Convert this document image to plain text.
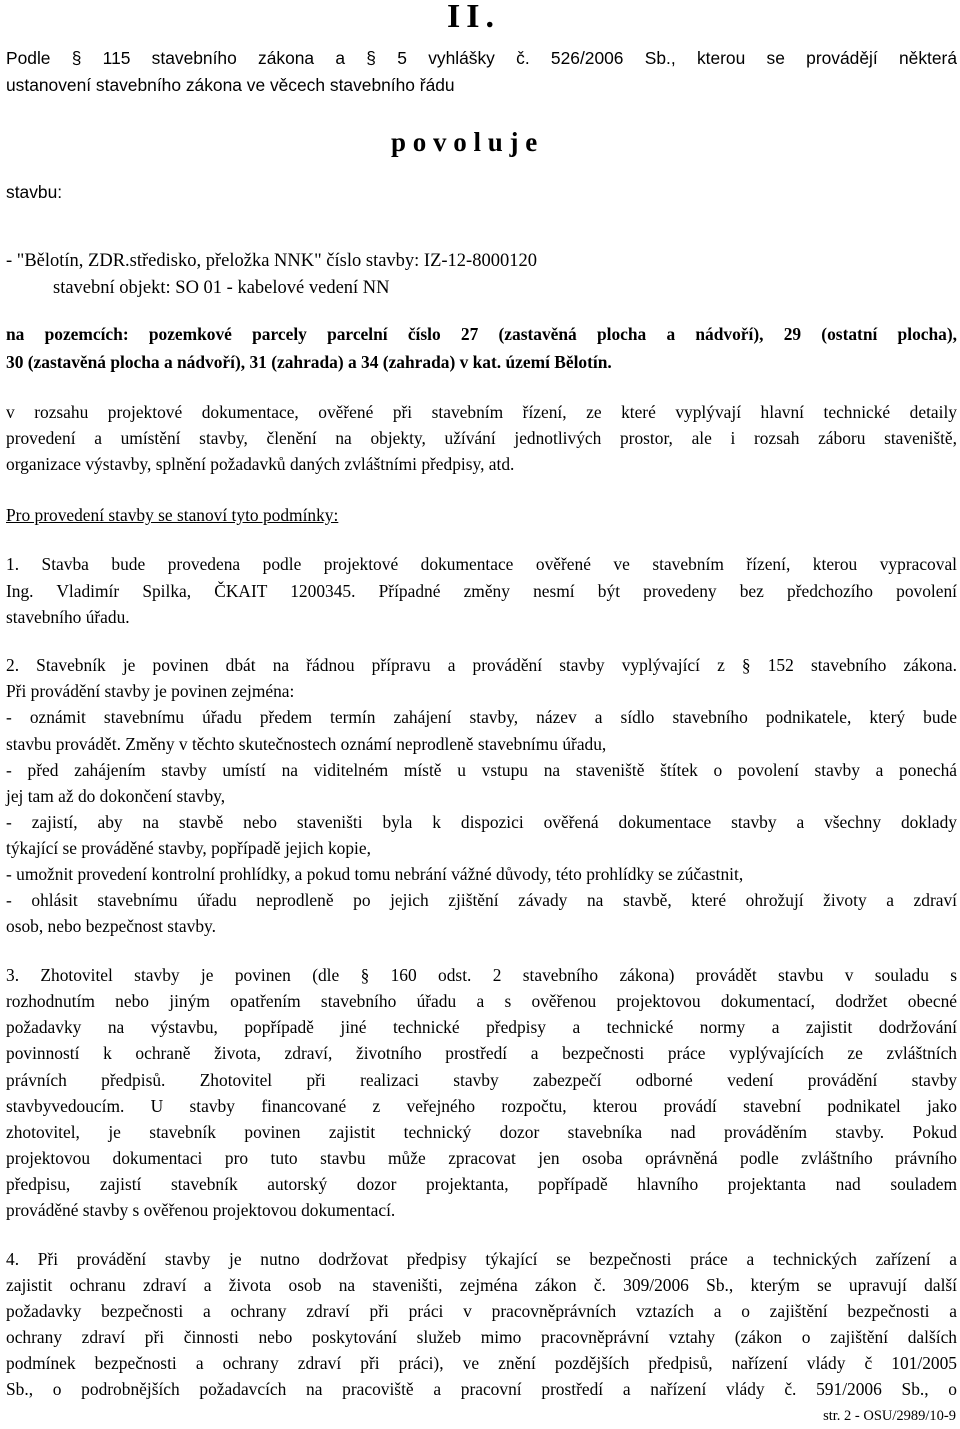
II.
Podle § 115 stavebního zákona a § 5 vyhlášky č. 526/2006 Sb., kterou se provádějí některá
ustanovení stavebního zákona ve věcech stavebního řádu
p o v o l u j e
stavbu:
- "Bělotín, ZDR.středisko, přeložka NNK" číslo stavby: IZ-12-8000120
stavební objekt: SO 01 - kabelové vedení NN
na pozemcích: pozemkové parcely parcelní číslo 27 (zastavěná plocha a nádvoří), 29 (ostatní plocha),
30 (zastavěná plocha a nádvoří), 31 (zahrada) a 34 (zahrada) v kat. území Bělotín.
v rozsahu projektové dokumentace, ověřené při stavebním řízení, ze které vyplývají hlavní technické detaily
provedení a umístění stavby, členění na objekty, užívání jednotlivých prostor, ale i rozsah záboru staveniště,
organizace výstavby, splnění požadavků daných zvláštními předpisy, atd.
Pro provedení stavby se stanoví tyto podmínky:
1. Stavba bude provedena podle projektové dokumentace ověřené ve stavebním řízení, kterou vypracoval
Ing. Vladimír Spilka, ČKAIT 1200345. Případné změny nesmí být provedeny bez předchozího povolení
stavebního úřadu.
2. Stavebník je povinen dbát na řádnou přípravu a provádění stavby vyplývající z § 152 stavebního zákona.
Při provádění stavby je povinen zejména:
- oznámit stavebnímu úřadu předem termín zahájení stavby, název a sídlo stavebního podnikatele, který bude
stavbu provádět. Změny v těchto skutečnostech oznámí neprodleně stavebnímu úřadu,
- před zahájením stavby umístí na viditelném místě u vstupu na staveniště štítek o povolení stavby a ponechá
jej tam až do dokončení stavby,
- zajistí, aby na stavbě nebo staveništi byla k dispozici ověřená dokumentace stavby a všechny doklady
týkající se prováděné stavby, popřípadě jejich kopie,
- umožnit provedení kontrolní prohlídky, a pokud tomu nebrání vážné důvody, této prohlídky se zúčastnit,
- ohlásit stavebnímu úřadu neprodleně po jejich zjištění závady na stavbě, které ohrožují životy a zdraví
osob, nebo bezpečnost stavby.
3. Zhotovitel stavby je povinen (dle § 160 odst. 2 stavebního zákona) provádět stavbu v souladu s
rozhodnutím nebo jiným opatřením stavebního úřadu a s ověřenou projektovou dokumentací, dodržet obecné
požadavky na výstavbu, popřípadě jiné technické předpisy a technické normy a zajistit dodržování
povinností k ochraně života, zdraví, životního prostředí a bezpečnosti práce vyplývajících ze zvláštních
právních předpisů. Zhotovitel při realizaci stavby zabezpečí odborné vedení provádění stavby
stavbyvedoucím. U stavby financované z veřejného rozpočtu, kterou provádí stavební podnikatel jako
zhotovitel, je stavebník povinen zajistit technický dozor stavebníka nad prováděním stavby. Pokud
projektovou dokumentaci pro tuto stavbu může zpracovat jen osoba oprávněná podle zvláštního právního
předpisu, zajistí stavebník autorský dozor projektanta, popřípadě hlavního projektanta nad souladem
prováděné stavby s ověřenou projektovou dokumentací.
4. Při provádění stavby je nutno dodržovat předpisy týkající se bezpečnosti práce a technických zařízení a
zajistit ochranu zdraví a života osob na staveništi, zejména zákon č. 309/2006 Sb., kterým se upravují další
požadavky bezpečnosti a ochrany zdraví při práci v pracovněprávních vztazích a o zajištění bezpečnosti a
ochrany zdraví při činnosti nebo poskytování služeb mimo pracovněprávní vztahy (zákon o zajištění dalších
podmínek bezpečnosti a ochrany zdraví při práci), ve znění pozdějších předpisů, nařízení vlády č 101/2005
Sb., o podrobnějších požadavcích na pracoviště a pracovní prostředí a nařízení vlády č. 591/2006 Sb., o
str. 2 - OSU/2989/10-9
